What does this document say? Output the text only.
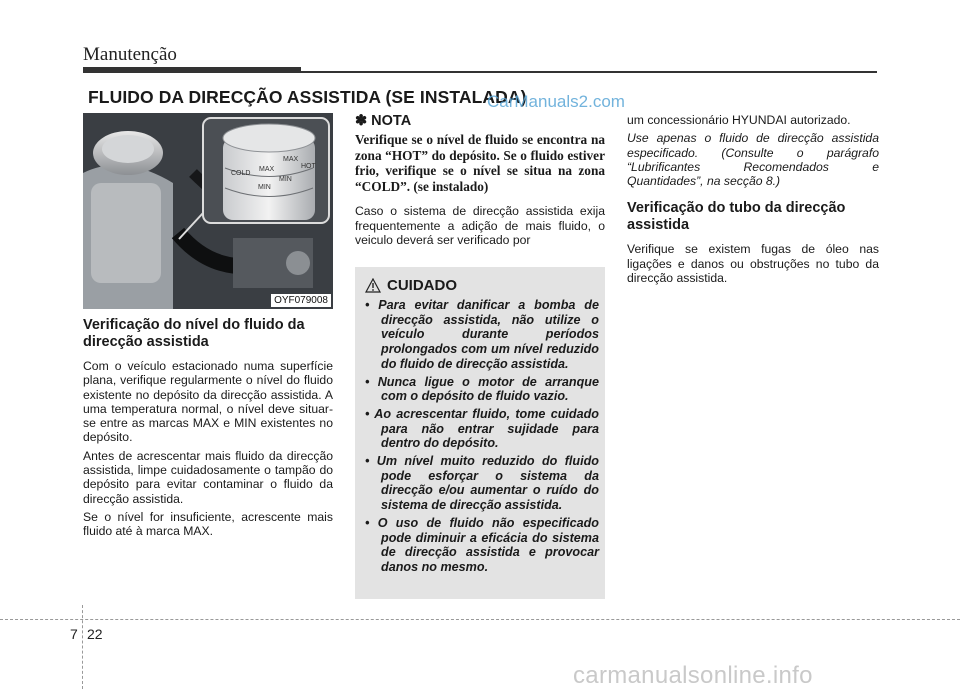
Manutenção
FLUIDO DA DIRECÇÃO ASSISTIDA (SE INSTALADA)
CarManuals2.com
MAX
HOT
MIN
COLD
MAX
MIN
OYF079008

Verificação do nível do fluido da direcção assistida

Com o veículo estacionado numa superfície plana, verifique regularmente o nível do fluido existente no depósito da direcção assistida. A uma temperatura normal, o nível deve situar-se entre as marcas MAX e MIN existentes no depósito.

Antes de acrescentar mais fluido da direcção assistida, limpe cuidadosamente o tampão do depósito para evitar contaminar o fluido da direcção assistida.

Se o nível for insuficiente, acrescente mais fluido até à marca MAX.

✽ NOTA

Verifique se o nível de fluido se encontra na zona “HOT” do depósito. Se o fluido estiver frio, verifique se o nível se situa na zona “COLD”. (se instalado)

Caso o sistema de direcção assistida exija frequentemente a adição de mais fluido, o veiculo deverá ser verificado por

CUIDADO

• Para evitar danificar a bomba de direcção assistida, não utilize o veículo durante períodos prolongados com um nível reduzido do fluido de direcção assistida.

• Nunca ligue o motor de arranque com o depósito de fluido vazio.

• Ao acrescentar fluido, tome cuidado para não entrar sujidade para dentro do depósito.

• Um nível muito reduzido do fluido pode esforçar o sistema da direcção e/ou aumentar o ruído do sistema de direcção assistida.

• O uso de fluido não especificado pode diminuir a eficácia do sistema de direcção assistida e provocar danos no mesmo.

um concessionário HYUNDAI autorizado.

Use apenas o fluido de direcção assistida especificado. (Consulte o parágrafo “Lubrificantes Recomendados e Quantidades”, na secção 8.)

Verificação do tubo da direcção assistida

Verifique se existem fugas de óleo nas ligações e danos ou obstruções no tubo da direcção assistida.

7 22
carmanualsonline.info
